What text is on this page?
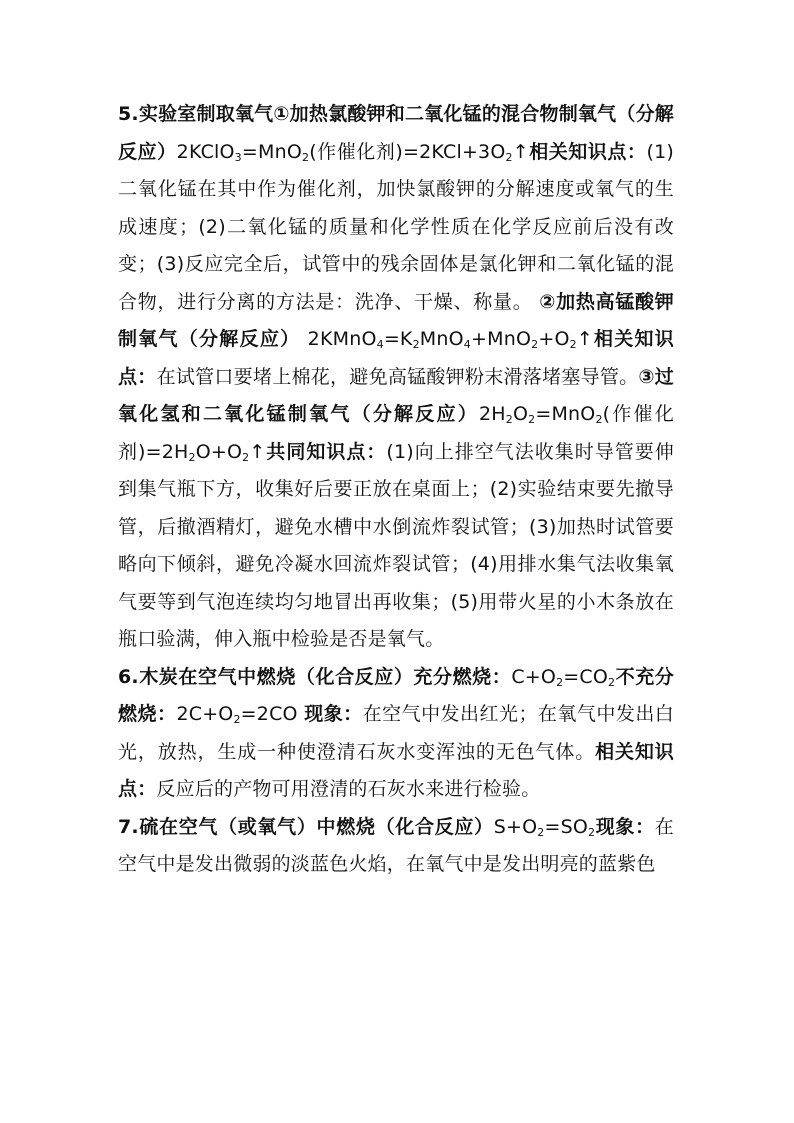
5.实验室制取氧气①加热氯酸钾和二氧化锰的混合物制氧气（分解反应）2KClO$_3$=MnO$_2$(作催化剂)$=2KCl+3O_2↑$相关知识点：(1)二氧化锰在其中作为催化剂，加快氯酸钾的分解速度或氧气的生成速度；(2)二氧化锰的质量和化学性质在化学反应前后没有改变；(3)反应完全后，试管中的残余固体是氯化钾和二氧化锰的混合物，进行分离的方法是：洗净、干燥、称量。 ②加热高锰酸钾制氧气（分解反应） $2KMnO_4=K_2MnO_4+MnO_2+O_2↑$相关知识点：在试管口要堵上棉花，避免高锰酸钾粉末滑落堵塞导管。③过氧化氢和二氧化锰制氧气（分解反应）$2H_2O_2=MnO_2$(作催化剂)$=2H_2O+O_2↑$共同知识点：(1)向上排空气法收集时导管要伸到集气瓶下方，收集好后要正放在桌面上；(2)实验结束要先撤导管，后撤酒精灯，避免水槽中水倒流炸裂试管；(3)加热时试管要略向下倾斜，避免冷凝水回流炸裂试管；(4)用排水集气法收集氧气要等到气泡连续均匀地冒出再收集；(5)用带火星的小木条放在瓶口验满，伸入瓶中检验是否是氧气。

6.木炭在空气中燃烧（化合反应）充分燃烧：$C+O_2=CO_2$不充分燃烧：$2C+O_2=2CO$ 现象：在空气中发出红光；在氧气中发出白光，放热，生成一种使澄清石灰水变浑浊的无色气体。相关知识点：反应后的产物可用澄清的石灰水来进行检验。

7.硫在空气（或氧气）中燃烧（化合反应）$S+O_2=SO_2$现象：在空气中是发出微弱的淡蓝色火焰，在氧气中是发出明亮的蓝紫色
